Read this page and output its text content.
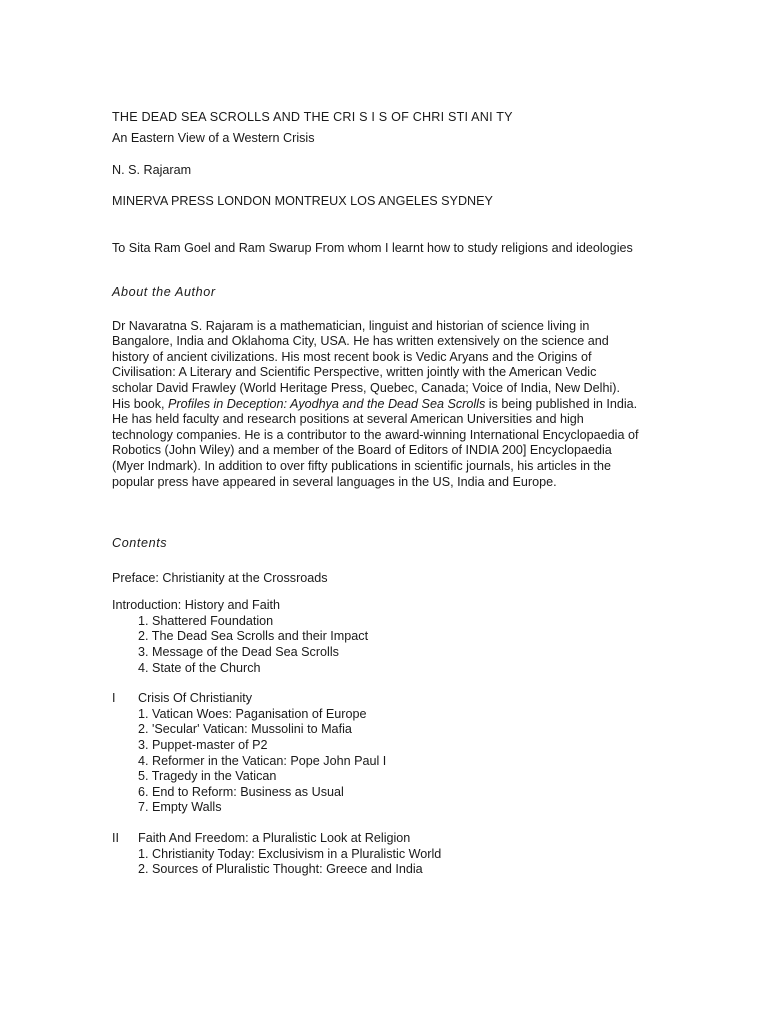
THE DEAD SEA SCROLLS AND THE CRI S I S OF CHRI STI ANI TY

An Eastern View of a Western Crisis

N. S. Rajaram

MINERVA PRESS LONDON MONTREUX LOS ANGELES SYDNEY

To Sita Ram Goel and Ram Swarup From whom I learnt how to study religions and ideologies

About the Author

Dr Navaratna S. Rajaram is a mathematician, linguist and historian of science living in Bangalore, India and Oklahoma City, USA. He has written extensively on the science and history of ancient civilizations. His most recent book is Vedic Aryans and the Origins of Civilisation: A Literary and Scientific Perspective, written jointly with the American Vedic scholar David Frawley (World Heritage Press, Quebec, Canada; Voice of India, New Delhi). His book, Profiles in Deception: Ayodhya and the Dead Sea Scrolls is being published in India. He has held faculty and research positions at several American Universities and high technology companies. He is a contributor to the award-winning International Encyclopaedia of Robotics (John Wiley) and a member of the Board of Editors of INDIA 200] Encyclopaedia (Myer Indmark). In addition to over fifty publications in scientific journals, his articles in the popular press have appeared in several languages in the US, India and Europe.

Contents

Preface: Christianity at the Crossroads

Introduction: History and Faith

1. Shattered Foundation

2. The Dead Sea Scrolls and their Impact

3. Message of the Dead Sea Scrolls

4. State of the Church

I	Crisis Of Christianity

1. Vatican Woes: Paganisation of Europe

2. 'Secular' Vatican: Mussolini to Mafia

3. Puppet-master of P2

4. Reformer in the Vatican: Pope John Paul I

5. Tragedy in the Vatican

6. End to Reform: Business as Usual

7. Empty Walls

II	Faith And Freedom: a Pluralistic Look at Religion

1. Christianity Today: Exclusivism in a Pluralistic World

2. Sources of Pluralistic Thought: Greece and India
